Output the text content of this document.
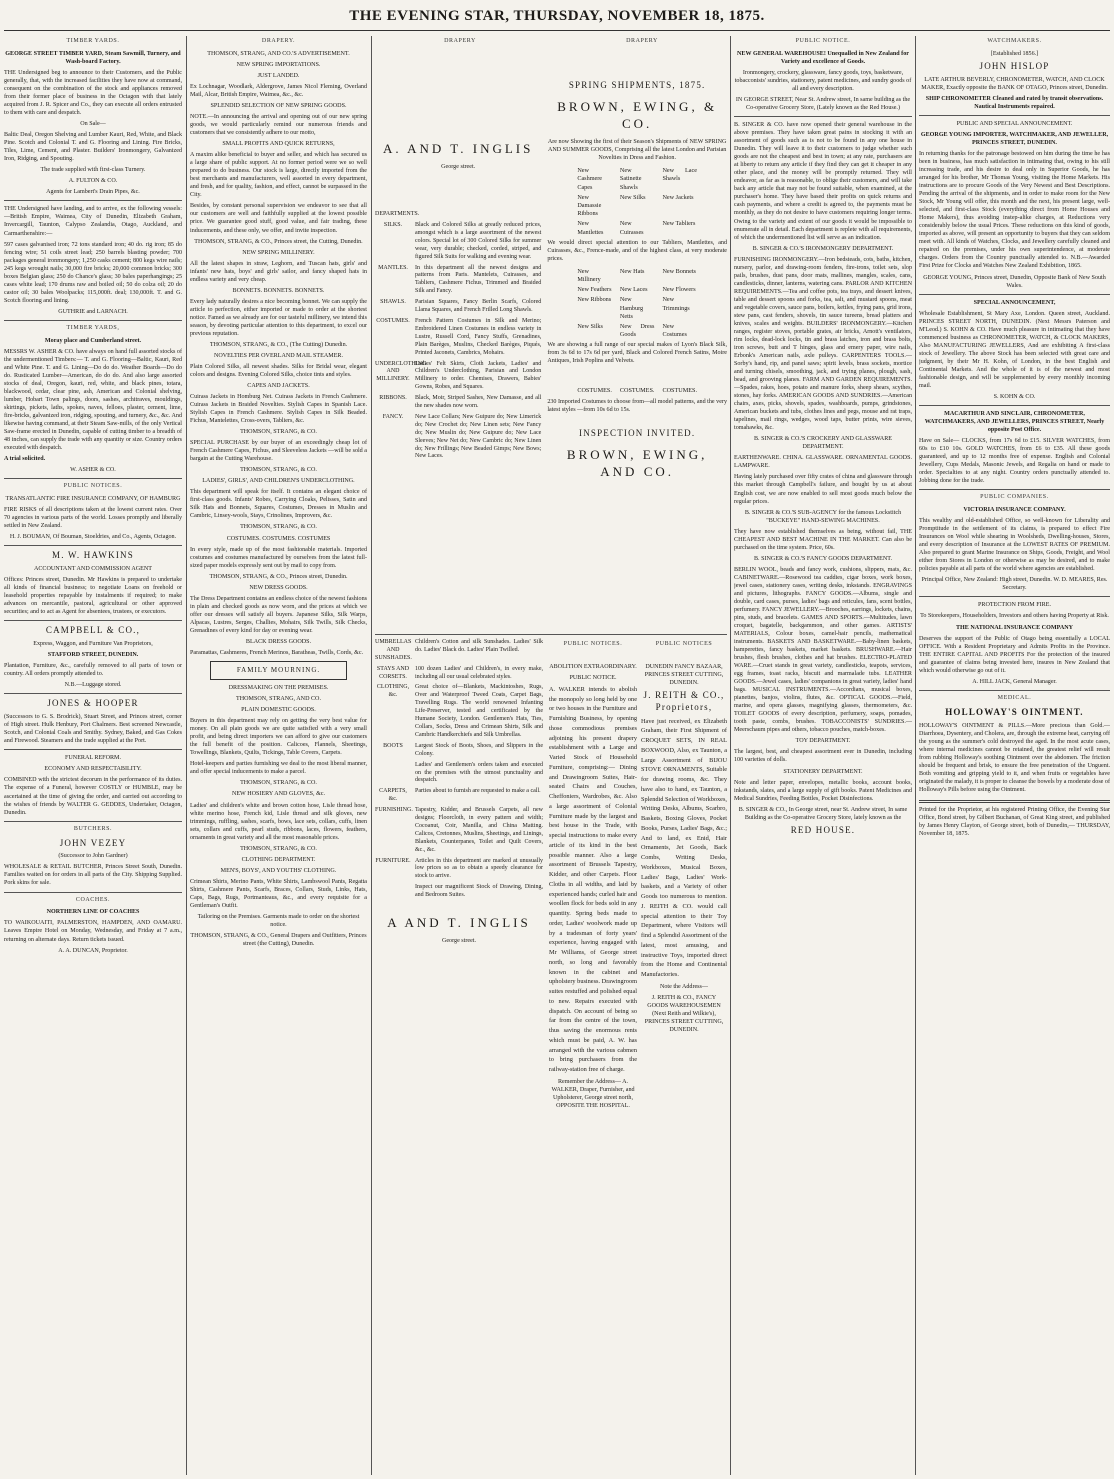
THE EVENING STAR, THURSDAY, NOVEMBER 18, 1875.
TIMBER YARDS.

GEORGE STREET TIMBER YARD, Steam Sawmill, Turnery, and Wash-board Factory.

THE Undersigned beg to announce to their Customers, and the Public generally, that, with the increased facilities they have now at command, consequent on the combination of the stock and appliances removed from their former place of business in the Octagon with that lately acquired from J. R. Spicer and Co., they can execute all orders entrusted to them with care and despatch.

On Sale—

Baltic Deal, Oregon Shelving and Lumber Kauri, Red, White, and Black Pine. Scotch and Colonial T. and G. Flooring and Lining. Fire Bricks, Tiles, Lime, Cement, and Plaster. Builders' Ironmongery, Galvanized Iron, Ridging, and Spouting.

The trade supplied with first-class Turnery.

A. FULTON & CO.

Agents for Lambert's Drain Pipes, &c.

THE Undersigned have landing, and to arrive, ex the following vessels:—British Empire, Waimea, City of Dunedin, Elizabeth Graham, Invercargill, Taunton, Calypso Zealandia, Otago, Auckland, and Carmarthenshire:—

597 cases galvanised iron; 72 tons standard iron; 40 do. rig iron; 85 do fencing wire; 51 coils street lead; 250 barrels blasting powder; 700 packages general ironmongery; 1,250 casks cement; 800 kegs wire nails; 245 kegs wrought nails; 30,000 fire bricks; 20,000 common bricks; 300 boxes Belgian glass; 250 do Chance's glass; 30 bales paperhangings; 25 cases white lead; 170 drums raw and boiled oil; 50 do colza oil; 20 do castor oil; 30 bales Woolpacks; 115,000ft. deal; 130,000ft. T. and G. Scotch flooring and lining.

GUTHRIE and LARNACH.

TIMBER YARDS,

Moray place and Cumberland street.

MESSRS W. ASHER & CO. have always on hand full assorted stocks of the undermentioned Timbers:— T. and G. Flooring—Baltic, Kauri, Red and White Pine. T. and G. Lining—Do do do. Weather Boards—Do do do. Rusticated Lumber—American, do do do. And also large assorted stocks of deal, Oregon, kauri, red, white, and black pines, totara, blackwood, cedar, clear pine, ash, American and Colonial shelving, lumber, Hobart Town palings, doors, sashes, architraves, mouldings, skirtings, pickets, laths, spokes, naves, felloes, plaster, cement, lime, fire-bricks, galvanized iron, ridging, spouting, and turnery, &c., &c. And likewise having command, at their Steam Saw-mills, of the only Vertical Saw-frame erected in Dunedin, capable of cutting timber to a breadth of 48 inches, can supply the trade with any quantity or size. Country orders executed with despatch.

A trial solicited.

W. ASHER & CO.

PUBLIC NOTICES.

TRANSATLANTIC FIRE INSURANCE COMPANY, OF HAMBURG

FIRE RISKS of all descriptions taken at the lowest current rates. Over 70 agencies in various parts of the world. Losses promptly and liberally settled in New Zealand.

H. J. BOUMAN, Of Bouman, Stoeldries, and Co., Agents, Octagon.

M. W. HAWKINS

ACCOUNTANT AND COMMISSION AGENT

Offices: Princes street, Dunedin. Mr Hawkins is prepared to undertake all kinds of financial business; to negotiate Loans on freehold or leasehold properties repayable by instalments if required; to make advances on mercantile, pastoral, agricultural or other approved securities; and to act as Agent for absentees, trustees, or executors.

CAMPBELL & CO.,

Express, Waggon, and Furniture Van Proprietors,

STAFFORD STREET, DUNEDIN.

Plantation, Furniture, &c., carefully removed to all parts of town or country. All orders promptly attended to.

N.B.—Luggage stored.

JONES & HOOPER

(Successors to G. S. Brodrick), Stuart Street, and Princes street, corner of High street. Hulk Henbury, Port Chalmers. Best screened Newcastle, Scotch, and Colonial Coals and Smithy. Sydney, Baked, and Gas Cokes and Firewood. Steamers and the trade supplied at the Port.

FUNERAL REFORM.

ECONOMY AND RESPECTABILITY.

COMBINED with the strictest decorum in the performance of its duties. The expense of a Funeral, however COSTLY or HUMBLE, may be ascertained at the time of giving the order, and carried out according to the wishes of friends by WALTER G. GEDDES, Undertaker, Octagon, Dunedin.

BUTCHERS.
JOHN VEZEY

(Successor to John Gardner)

WHOLESALE & RETAIL BUTCHER, Princes Street South, Dunedin. Families waited on for orders in all parts of the City. Shipping Supplied. Pork skins for sale.

COACHES.

NORTHERN LINE OF COACHES

TO WAIKOUAITI, PALMERSTON, HAMPDEN, AND OAMARU. Leaves Empire Hotel on Monday, Wednesday, and Friday at 7 a.m., returning on alternate days. Return tickets issued.

A. A. DUNCAN, Proprietor.

DRAPERY.

THOMSON, STRANG, AND CO.'S ADVERTISEMENT.

NEW SPRING IMPORTATIONS.

JUST LANDED.

Ex Lochnagar, Woodlark, Aldergrove, James Nicol Fleming, Overland Mail, Alcar, British Empire, Waimea, &c., &c.

SPLENDID SELECTION OF NEW SPRING GOODS.

NOTE.—In announcing the arrival and opening out of our new spring goods, we would particularly remind our numerous friends and customers that we consistently adhere to our motto,

SMALL PROFITS AND QUICK RETURNS,

A maxim alike beneficial to buyer and seller, and which has secured us a large share of public support. At no former period were we so well prepared to do business. Our stock is large, directly imported from the best merchants and manufacturers, well assorted in every department, and fresh, and for quality, fashion, and effect, cannot be surpassed in the City.

Besides, by constant personal supervision we endeavor to see that all our customers are well and faithfully supplied at the lowest possible price. We guarantee good stuff, good value, and fair trading, these inducements, and these only, we offer, and invite inspection.

THOMSON, STRANG, & CO., Princes street, the Cutting, Dunedin.

NEW SPRING MILLINERY.

All the latest shapes in straw, Leghorn, and Tuscan hats, girls' and infants' new hats, boys' and girls' sailor, and fancy shaped hats in endless variety and very cheap.

BONNETS. BONNETS. BONNETS.

Every lady naturally desires a nice becoming bonnet. We can supply the article to perfection, either imported or made to order at the shortest notice. Famed as we already are for our tasteful millinery, we intend this season, by devoting particular attention to this department, to excel our previous reputation.

THOMSON, STRANG, & CO., (The Cutting) Dunedin.

NOVELTIES PER OVERLAND MAIL STEAMER.

Plain Colored Silks, all newest shades. Silks for Bridal wear, elegant colors and designs. Evening Colored Silks, choice tints and styles.

CAPES AND JACKETS.

Cuirass Jackets in Homburg Net. Cuirass Jackets in French Cashmere. Cuirass Jackets in Braided Novelties. Stylish Capes in Spanish Lace. Stylish Capes in French Cashmere. Stylish Capes in Silk Beaded. Fichus, Mantelettes, Cross-overs, Tabliers, &c.

THOMSON, STRANG, & CO.

SPECIAL PURCHASE by our buyer of an exceedingly cheap lot of French Cashmere Capes, Fichus, and Sleeveless Jackets —will be sold a bargain at the Cutting Warehouse.

THOMSON, STRANG, & CO.

LADIES', GIRLS', AND CHILDREN'S UNDERCLOTHING.

This department will speak for itself. It contains an elegant choice of first-class goods. Infants' Robes, Carrying Cloaks, Pelisses, Satin and Silk Hats and Bonnets, Squares, Costumes, Dresses in Muslin and Cambric, Linsey-wools, Stays, Crinolines, Improvers, &c.

THOMSON, STRANG, & CO.

COSTUMES. COSTUMES. COSTUMES

In every style, made up of the most fashionable materials. Imported costumes and costumes manufactured by ourselves from the latest full-sized paper models expressly sent out by mail to copy from.

THOMSON, STRANG, & CO., Princes street, Dunedin.

NEW DRESS GOODS.

The Dress Department contains an endless choice of the newest fashions in plain and checked goods as now worn, and the prices at which we offer our dresses will satisfy all buyers. Japanese Silks, Silk Warps, Alpacas, Lustres, Serges, Challies, Mohairs, Silk Twills, Silk Checks, Grenadines of every kind for day or evening wear.

BLACK DRESS GOODS.

Paramattas, Cashmeres, French Merinos, Baratheas, Twills, Cords, &c.

FAMILY MOURNING.

DRESSMAKING ON THE PREMISES.

THOMSON, STRANG, AND CO.

PLAIN DOMESTIC GOODS.

Buyers in this department may rely on getting the very best value for money. On all plain goods we are quite satisfied with a very small profit, and being direct importers we can afford to give our customers the full benefit of the position. Calicoes, Flannels, Sheetings, Towellings, Blankets, Quilts, Tickings, Table Covers, Carpets.

Hotel-keepers and parties furnishing we deal to the most liberal manner, and offer special inducements to make a parcel.

THOMSON, STRANG, & CO.

NEW HOSIERY AND GLOVES, &c.

Ladies' and children's white and brown cotton hose, Lisle thread hose, white merino hose, French kid, Lisle thread and silk gloves, new trimmings, ruffling, sashes, scarfs, bows, lace sets, collars, cuffs, linen sets, collars and cuffs, pearl studs, ribbons, laces, flowers, feathers, ornaments in great variety and all the most reasonable prices.

THOMSON, STRANG, & CO.

CLOTHING DEPARTMENT.

MEN'S, BOYS', AND YOUTHS' CLOTHING.

Crimean Shirts, Merino Pants, White Shirts, Lambswool Pants, Regatta Shirts, Cashmere Pants, Scarfs, Braces, Collars, Studs, Links, Hats, Caps, Bags, Rugs, Portmanteaus, &c., and every requisite for a Gentleman's Outfit.

Tailoring on the Premises. Garments made to order on the shortest notice.

THOMSON, STRANG, & CO., General Drapers and Outfitters, Princes street (the Cutting), Dunedin.

DRAPERY	DRAPERY
A. AND T. INGLIS

George street.

DEPARTMENTS.
SILKS.	Black and Colored Silks at greatly reduced prices, amongst which is a large assortment of the newest colors. Special lot of 300 Colored Silks for summer wear, very durable; checked, corded, striped, and figured Silk Suits for walking and evening wear.
MANTLES.	In this department all the newest designs and patterns from Paris. Mantelets, Cuirasses, and Tabliers, Cashmere Fichus, Trimmed and Braided Silk and Fancy.
SHAWLS.	Parisian Squares, Fancy Berlin Scarfs, Colored Llama Squares, and French Frilled Long Shawls.
COSTUMES. French Pattern Costumes in Silk and Merino; Embroidered Linen Costumes in endless variety in Lustre, Russell Cord, Fancy Stuffs, Grenadines, Plain Barèges, Muslins, Checked Barèges, Piqués, Printed Jaconets, Cambrics, Mohairs.
UNDERCLOTHING AND MILLINERY.
Ladies' Felt Skirts, Cloth Jackets, Ladies' and Children's Underclothing, Parisian and London Millinery to order. Chemises, Drawers, Babies' Gowns, Robes, and Squares.
RIBBONS.	Black, Moir, Striped Sashes, New Damasse, and all the new shades now worn.
FANCY.	New Lace Collars; New Guipure do; New Limerick do; New Crochet do; New Linen sets; New Fancy do; New Muslin do; New Guipure do; New Lace Sleeves; New Net do; New Cambric do; New Linen do; New Frillings; New Beaded Gimps; New Bows; New Laces.
SPRING SHIPMENTS, 1875.
BROWN, EWING, & CO.

Are now Showing the first of their Season's Shipments of NEW SPRING AND SUMMER GOODS, Comprising all the latest London and Parisian Novelties in Dress and Fashion.

New Cashmere Capes
New Satinette Shawls
New Lace Shawls
New Damassie Ribbons
New Silks	New Jackets
New Mantlettes
New Cuirasses
New Tabliers

We would direct special attention to our Tabliers, Mantlettes, and Cuirasses, &c., Frence-made, and of the highest class, at very moderate prices.

New Millinery
New Hats	New Bonnets
New Feathers New Laces	New Flowers
New Ribbons New Hamburg Netts
New Trimmings
New Silks	New Dress Goods
New Costumes

We are showing a full range of our special makes of Lyon's Black Silk, from 3s 6d to 17s 6d per yard, Black and Colored French Satins, Moire Antiques, Irish Poplins and Velvets.

COSTUMES. COSTUMES. COSTUMES.

230 Imported Costumes to choose from—all model patterns, and the very latest styles —from 10s 6d to 15s.

INSPECTION INVITED.
BROWN, EWING, AND CO.
UMBRELLAS AND SUNSHADES.
Children's Cotton and silk Sunshades. Ladies' Silk do. Ladies' Black do. Ladies' Plain Twilled.
STAYS AND CORSETS.
100 dozen Ladies' and Children's, in every make, including all our usual celebrated styles.
CLOTHING, &c.
Great choice of—Blankets, Mackintoshes, Rugs, Over and Waterproof Tweed Coats, Carpet Bags, Travelling Rugs. The world renowned Infanting Life-Preserver, tested and certificated by the Humane Society, London. Gentlemen's Hats, Ties, Collars, Socks, Dress and Crimean Shirts, Silk and Cambric Handkerchiefs and Silk Umbrellas.
BOOTS	Largest Stock of Boots, Shoes, and Slippers in the Colony.
Ladies' and Gentlemen's orders taken and executed on the premises with the utmost punctuality and despatch.
CARPETS, &c.
Parties about to furnish are requested to make a call.
FURNISHING. Tapestry, Kidder, and Brussels Carpets, all new designs; Floorcloth, in every pattern and width; Cocoanut, Coir, Manilla, and China Matting. Calicos, Cretonnes, Muslins, Sheetings, and Linings, Blankets, Counterpanes, Toilet and Quilt Covers, &c., &c.
FURNITURE. Articles in this department are marked at unusually low prices so as to obtain a speedy clearance for stock to arrive.
Inspect our magnificent Stock of Drawing, Dining, and Bedroom Suites.
A AND T. INGLIS

George street.

PUBLIC NOTICES.

ABOLITION EXTRAORDINARY.

PUBLIC NOTICE.

A. WALKER intends to abolish the monopoly so long held by one or two houses in the Furniture and Furnishing Business, by opening those commodious premises adjoining his present drapery establishment with a Large and Varied Stock of Household Furniture, comprising:— Dining and Drawingroom Suites, Hair-seated Chairs and Couches, Cheffoniers, Wardrobes, &c. Also a large assortment of Colonial Furniture made by the largest and best house in the Trade, with special instructions to make every article of its kind in the best possible manner. Also a large assortment of Brussels Tapestry, Kidder, and other Carpets. Floor Cloths in all widths, and laid by experienced hands; curled hair and woollen flock for beds sold in any quantity. Spring beds made to order, Ladies' woolwork made up by a tradesman of forty years' experience, having engaged with Mr Williams, of George street north, so long and favorably known in the cabinet and upholstery business. Drawingroom suites restuffed and polished equal to new. Repairs executed with dispatch. On account of being so far from the centre of the town, thus saving the enormous rents which must be paid, A. W. has arranged with the various cabmen to bring purchasers from the railway-station free of charge.

Remember the Address— A. WALKER, Draper, Furnisher, and Upholsterer, George street north, OPPOSITE THE HOSPITAL.

PUBLIC NOTICES

DUNEDIN FANCY BAZAAR, PRINCES STREET CUTTING, DUNEDIN.

J. REITH & CO., Proprietors,

Have just received, ex Elizabeth Graham, their First Shipment of CROQUET SETS, IN REAL BOXWOOD, Also, ex Taunton, a Large Assortment of BIJOU STOVE ORNAMENTS, Suitable for drawing rooms, &c. They have also to hand, ex Taunton, a Splendid Selection of Workboxes, Writing Desks, Albums, Scarbro, Baskets, Boxing Gloves, Pocket Books, Purses, Ladies' Bags, &c.; And to land, ex Enid, Hair Ornaments, Jet Goods, Back Combs, Writing Desks, Workboxes, Musical Boxes, Ladies' Bags, Ladies' Work-baskets, and a Variety of other Goods too numerous to mention. J. REITH & CO. would call special attention to their Toy Department, where Visitors will find a Splendid Assortment of the latest, most amusing, and instructive Toys, imported direct from the Home and Continental Manufactories.

Note the Address—

J. REITH & CO., FANCY GOODS WAREHOUSEMEN (Next Reith and Wilkie's), PRINCES STREET CUTTING, DUNEDIN.

PUBLIC NOTICE.

NEW GENERAL WAREHOUSE! Unequalled in New Zealand for Variety and excellence of Goods.

Ironmongery, crockery, glassware, fancy goods, toys, basketware, tobacconists' sundries, stationery, patent medicines, and sundry goods of all and every description.

IN GEORGE STREET, Near St. Andrew street, In same building as the Co-operative Grocery Store, (Lately known as the Red House.)

B. SINGER & CO. have now opened their general warehouse in the above premises. They have taken great pains in stocking it with an assortment of goods such as is not to be found in any one house in Dunedin. They will leave it to their customers to judge whether such goods are not the cheapest and best in town; at any rate, purchasers are at liberty to return any article if they find they can get it cheaper in any other place, and the money will be promptly returned. They will endeavor, as far as is reasonable, to oblige their customers, and will take back any article that may not be found suitable, when examined, at the purchaser's home. They have based their profits on quick returns and cash payments, and where a credit is agreed to, the payments must be monthly, as they do not desire to have customers requiring longer terms. Owing to the variety and extent of our goods it would be impossible to enumerate all in detail. Each department is replete with all requirements, of which the undermentioned list will serve as an indication.

B. SINGER & CO.'S IRONMONGERY DEPARTMENT.

FURNISHING IRONMONGERY.—Iron bedsteads, cots, baths, kitchen, nursery, parlor, and drawing-room fenders, fire-irons, toilet sets, slop pails, brushes, dust pans, door mats, mallines, mangles, scales, cans, candlesticks, dinner, lanterns, watering cans. PARLOR AND KITCHEN REQUIREMENTS.—Tea and coffee pots, tea trays, and dessert knives, table and dessert spoons and forks, tea, salt, and mustard spoons, meat and vegetable covers, sauce pans, boilers, kettles, frying pans, grid irons, stew pans, cast fenders, shovels, tin sauce tureens, bread platters and knives, scales and weights. BUILDERS' IRONMONGERY.—Kitchen ranges, register stoves, portable grates, air bricks, Arnott's ventilators, rim locks, dead-lock locks, tin and brass latches, iron and brass bolts, iron screws, butt and T hinges, glass and emery paper, wire nails, Erbonk's American nails, axle pulleys. CARPENTERS TOOLS.—Sorby's hand, rip, and panel saws; spirit levels, brass sockets, mortice and turning chisels, smoothing, jack, and trying planes, plough, sash, bead, and grooving planes. FARM AND GARDEN REQUIREMENTS.—Spades, rakes, hoes, potato and manure forks, sheep shears, scythes, stones, hay forks. AMERICAN GOODS AND SUNDRIES.—American chairs, axes, picks, shovels, spades, washboards, pumps, grindstones, American buckets and tubs, clothes lines and pegs, mouse and rat traps, tapelines, mail rings, wedges, wood taps, butter prints, wire sieves, tomahawks, &c.

B. SINGER & CO.'S CROCKERY AND GLASSWARE DEPARTMENT.

EARTHENWARE. CHINA. GLASSWARE. ORNAMENTAL GOODS. LAMPWARE.

Having lately purchased over fifty crates of china and glassware through this market through Campbell's failure, and bought by us at about English cost, we are now enabled to sell most goods much below the regular prices.

B. SINGER & CO.'S SUB-AGENCY for the famous Lockstitch "BUCKEYE" HAND-SEWING MACHINES.

They have now established themselves as being, without fail, THE CHEAPEST AND BEST MACHINE IN THE MARKET. Can also be purchased on the time system. Price, 60s.

B. SINGER & CO.'S FANCY GOODS DEPARTMENT.

BERLIN WOOL, beads and fancy work, cushions, slippers, mats, &c. CABINETWARE.—Rosewood tea caddies, cigar boxes, work boxes, jewel cases, stationery cases, writing desks, inkstands. ENGRAVINGS and pictures, lithographs. FANCY GOODS.—Albums, single and double, card cases, purses, ladies' bags and reticules, fans, scent bottles, perfumery. FANCY JEWELLERY.—Brooches, earrings, lockets, chains, pins, studs, and bracelets. GAMES AND SPORTS.—Multitudes, lawn croquet, bagatelle, backgammon, and other games. ARTISTS' MATERIALS, Colour boxes, camel-hair pencils, mathematical instruments. BASKETS AND BASKETWARE.—Baby-linen baskets, hamperettes, fancy baskets, market baskets. BRUSHWARE.—Hair brushes, flesh brushes, clothes and hat brushes. ELECTRO-PLATED WARE.—Cruet stands in great variety, candlesticks, teapots, services, egg frames, toast racks, biscuit and marmalade tubs. LEATHER GOODS.—Jewel cases, ladies' companions in great variety, ladies' hand bags. MUSICAL INSTRUMENTS.—Accordians, musical boxes, pianettes, banjos, violins, flutes, &c. OPTICAL GOODS.—Field, marine, and opera glasses, magnifying glasses, thermometers, &c. TOILET GOODS of every description, perfumery, soaps, pomades, tooth paste, combs, brushes. TOBACCONISTS' SUNDRIES.—Meerschaum pipes and others, tobacco pouches, match-boxes.

TOY DEPARTMENT.

The largest, best, and cheapest assortment ever in Dunedin, including 100 varieties of dolls.

STATIONERY DEPARTMENT.

Note and letter paper, envelopes, metallic books, account books, inkstands, slates, and a large supply of gift books. Patent Medicines and Medical Sundries, Feeding Bottles, Pocket Disinfections.

B. SINGER & CO., In George street, near St. Andrew street, In same Building as the Co-operative Grocery Store, lately known as the

RED HOUSE.
WATCHMAKERS.

[Established 1856.]

JOHN HISLOP

LATE ARTHUR BEVERLY, CHRONOMETER, WATCH, AND CLOCK MAKER, Exactly opposite the BANK OF OTAGO, Princes street, Dunedin.

SHIP CHRONOMETER Cleaned and rated by transit observations. Nautical Instruments repaired.

PUBLIC AND SPECIAL ANNOUNCEMENT.

GEORGE YOUNG IMPORTER, WATCHMAKER, AND JEWELLER, PRINCES STREET, DUNEDIN.

In returning thanks for the patronage bestowed on him during the time he has been in business, has much satisfaction in intimating that, owing to his still increasing trade, and his desire to deal only in Superior Goods, he has arranged for his brother, Mr Thomas Young, visiting the Home Markets. His instructions are to procure Goods of the Very Newest and Best Descriptions. Pending the arrival of the shipments, and in order to make room for the New Stock, Mr Young will offer, this month and the next, his present large, well-selected, and first-class Stock (everything direct from Home Houses and Home Makers), thus avoiding instep-alike charges, at Reductions very considerably below the usual Prices. These reductions on this kind of goods, imported as above, will present an opportunity to buyers that they can seldom meet with. All kinds of Watches, Clocks, and Jewellery carefully cleaned and repaired on the premises, under his own superintendence, at moderate charges. Orders from the Country punctually attended to. N.B.—Awarded First Prize for Clocks and Watches New Zealand Exhibition, 1865.

GEORGE YOUNG, Princes street, Dunedin, Opposite Bank of New South Wales.

SPECIAL ANNOUNCEMENT,

Wholesale Establishment, St Mary Axe, London. Queen street, Auckland. PRINCES STREET NORTH, DUNEDIN. (Next Messrs Paterson and M'Leod.) S. KOHN & CO. Have much pleasure in intimating that they have commenced business as CHRONOMETER, WATCH, & CLOCK MAKERS, Also MANUFACTURING JEWELLERS, And are exhibiting A first-class stock of Jewellery. The above Stock has been selected with great care and judgment, by their Mr H. Kohn, of London, in the best English and Continental Markets. And the whole of it is of the newest and most fashionable design, and will be supplemented by every monthly incoming mail.

S. KOHN & CO.

MACARTHUR AND SINCLAIR, CHRONOMETER, WATCHMAKERS, AND JEWELLERS, PRINCES STREET, Nearly opposite Post Office.

Have on Sale— CLOCKS, from 17s 6d to £15. SILVER WATCHES, from 60s to £10 10s. GOLD WATCHES, from £6 to £35. All these goods guaranteed, and up to 12 months free of expense. English and Colonial Jewellery, Cups Medals, Masonic Jewels, and Regalia on hand or made to order. Specialties to at any night. Country orders punctually attended to. Jobbing done for the trade.

PUBLIC COMPANIES.

VICTORIA INSURANCE COMPANY.

This wealthy and old-established Office, so well-known for Liberality and Promptitude in the settlement of its claims, is prepared to effect Fire Insurances on Wool while shearing in Woolsheds, Dwelling-houses, Stores, and every description of Insurance at the LOWEST RATES OF PREMIUM. Also prepared to grant Marine Insurance on Ships, Goods, Freight, and Wool either from Stores in London or otherwise as may be desired, and to make policies payable at all parts of the world where agencies are established.

Principal Office, New Zealand: High street, Dunedin. W. D. MEARES, Res. Secretary.

PROTECTION FROM FIRE.

To Storekeepers, Householders, Investors and others having Property at Risk.

THE NATIONAL INSURANCE COMPANY

Deserves the support of the Public of Otago being essentially a LOCAL OFFICE. With a Resident Proprietary and Admits Profits in the Province. THE ENTIRE CAPITAL AND PROFITS For the protection of the insured and guarantee of claims being invested here, insures in New Zealand that which would otherwise go out of it.

A. HILL JACK, General Manager.

MEDICAL.
HOLLOWAY'S OINTMENT.

HOLLOWAY'S OINTMENT & PILLS.—More precious than Gold.—Diarrhoea, Dysentery, and Cholera, are, through the extreme heat, carrying off the young as the summer's cold destroyed the aged. In the most acute cases, where internal medicines cannot be retained, the greatest relief will result from rubbing Holloway's soothing Ointment over the abdomen. The friction should be frequent and brisk, to ensure the free penetration of the Unguent. Both vomiting and gripping yield to it, and when fruits or vegetables have originated the malady, it is proper to cleanse the bowels by a moderate dose of Holloway's Pills before using the Ointment.

Printed for the Proprietor, at his registered Printing Office, the Evening Star Office, Bond street, by Gilbert Buchanan, of Great King street, and published by James Henry Clayton, of George street, both of Dunedin,— THURSDAY, November 18, 1875.
